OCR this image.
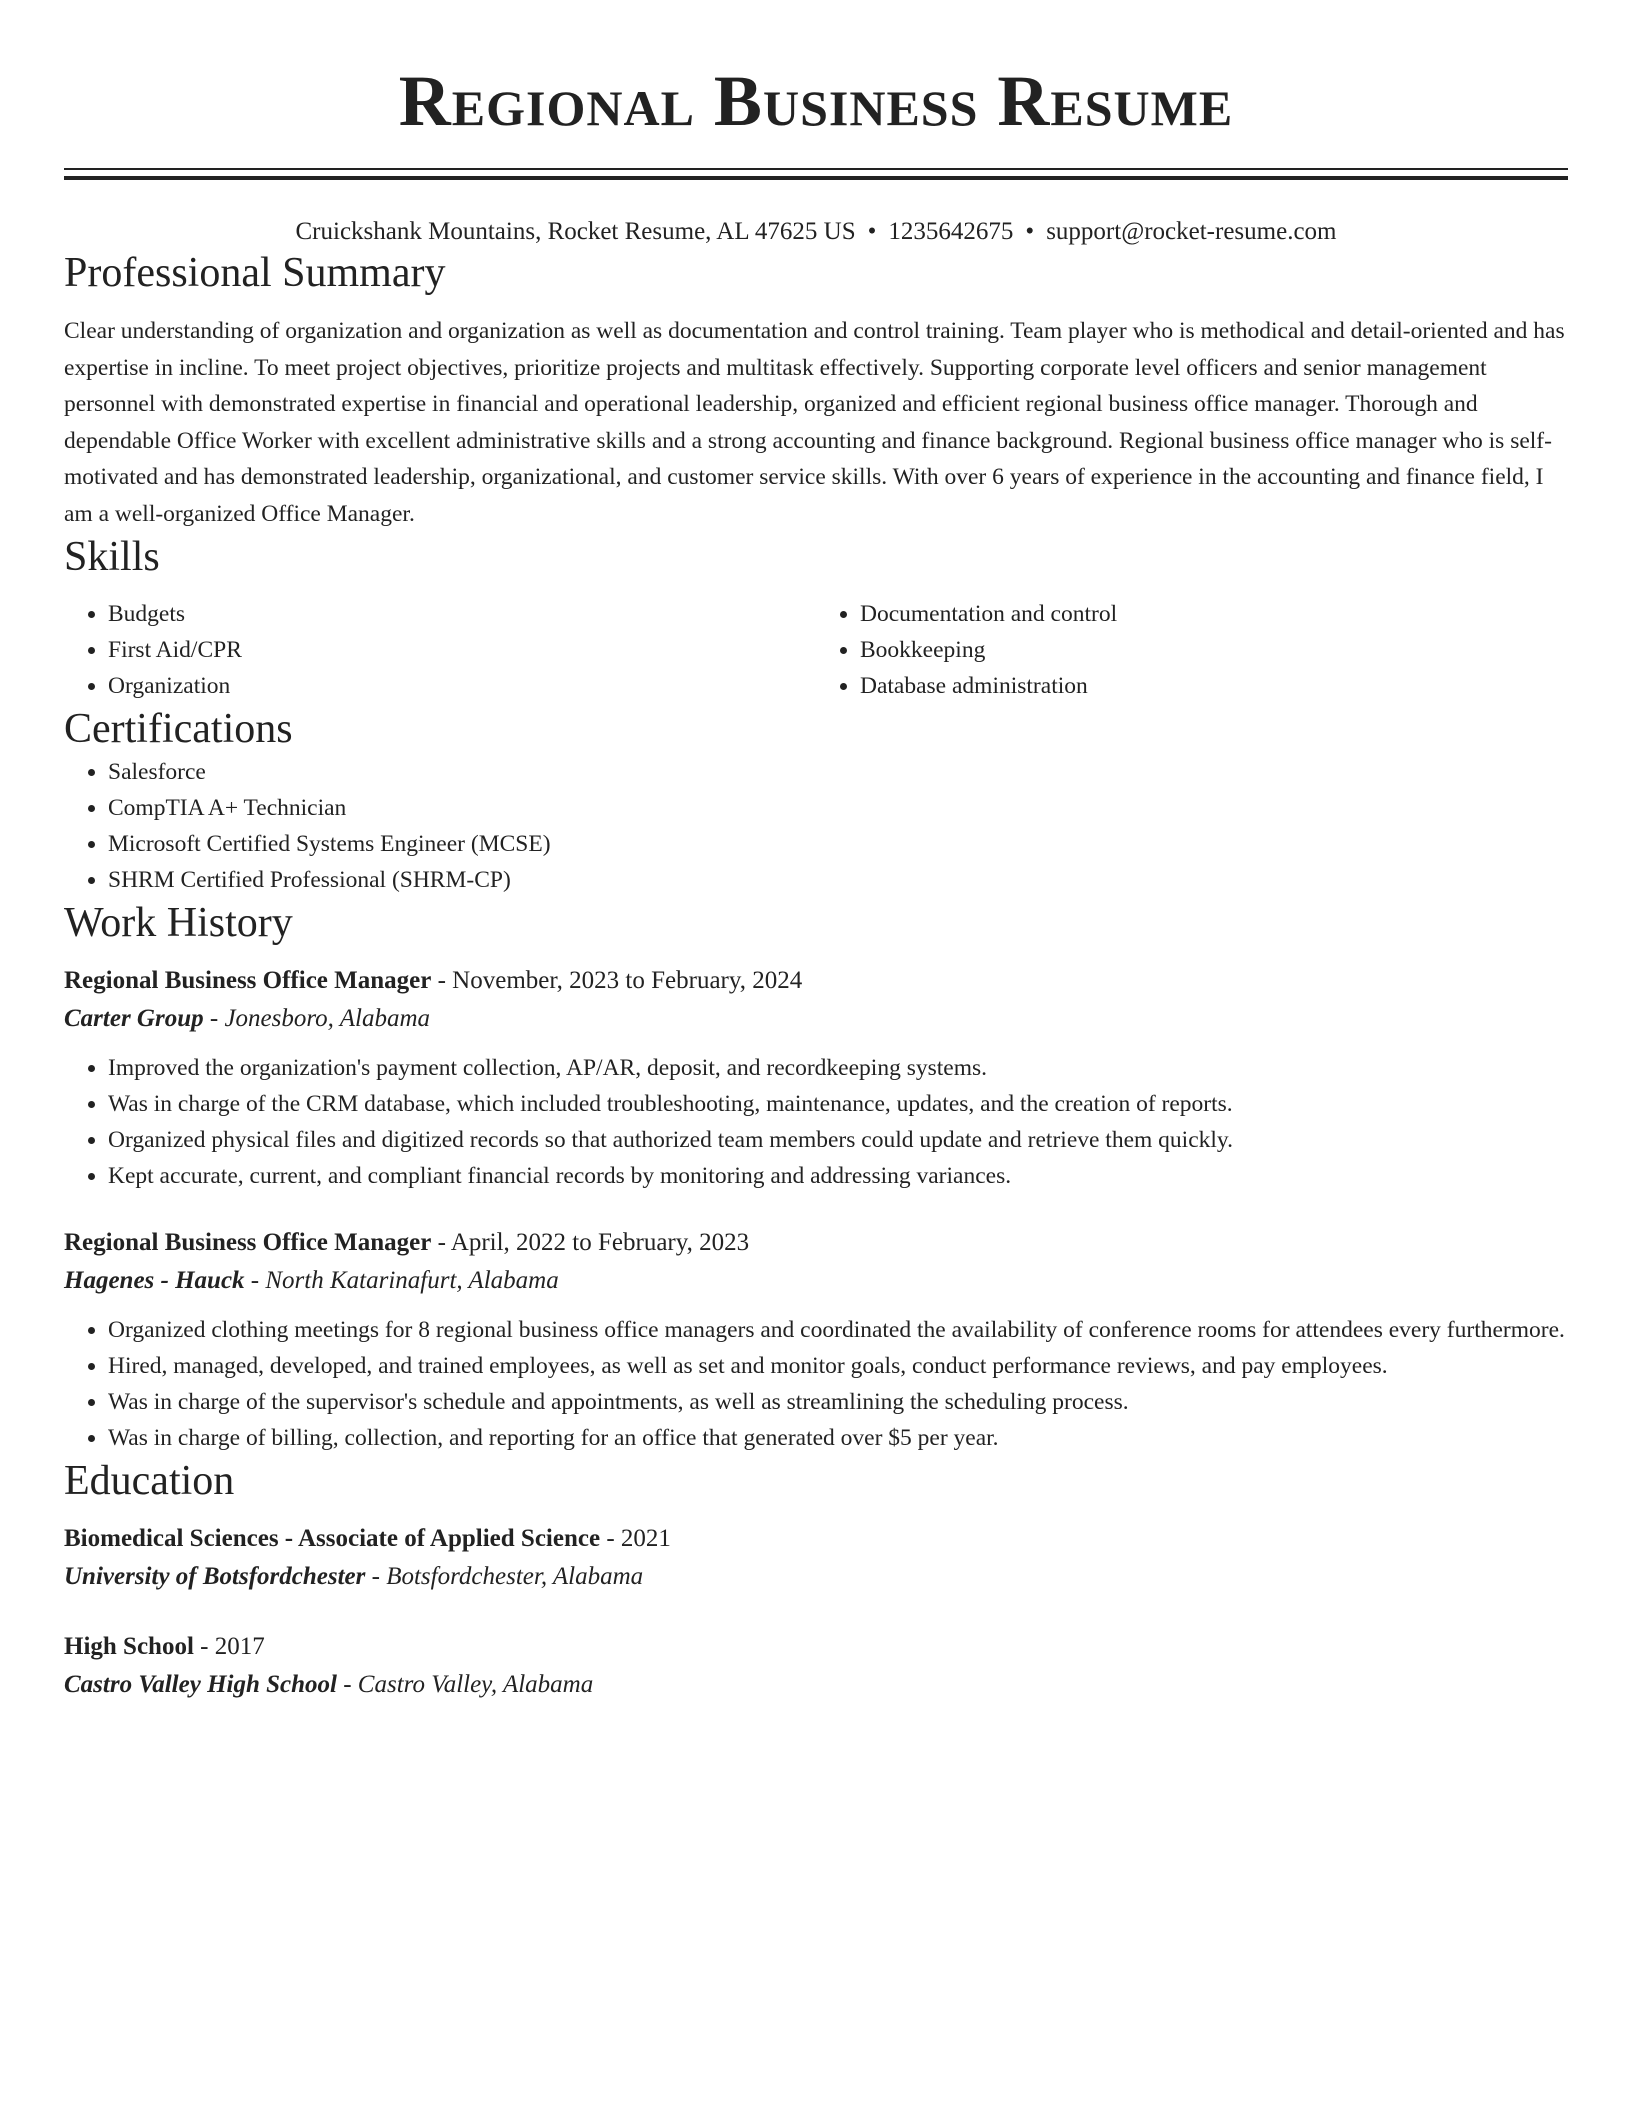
Regional Business Resume
Cruickshank Mountains, Rocket Resume, AL 47625 US • 1235642675 • support@rocket-resume.com
Professional Summary

Clear understanding of organization and organization as well as documentation and control training. Team player who is methodical and detail-oriented and has expertise in incline. To meet project objectives, prioritize projects and multitask effectively. Supporting corporate level officers and senior management personnel with demonstrated expertise in financial and operational leadership, organized and efficient regional business office manager. Thorough and dependable Office Worker with excellent administrative skills and a strong accounting and finance background. Regional business office manager who is self-motivated and has demonstrated leadership, organizational, and customer service skills. With over 6 years of experience in the accounting and finance field, I am a well-organized Office Manager.

Skills
• Budgets
• First Aid/CPR
• Organization
• Documentation and control
• Bookkeeping
• Database administration
Certifications
• Salesforce
• CompTIA A+ Technician
• Microsoft Certified Systems Engineer (MCSE)
• SHRM Certified Professional (SHRM-CP)
Work History
Regional Business Office Manager - November, 2023 to February, 2024
Carter Group - Jonesboro, Alabama
• Improved the organization's payment collection, AP/AR, deposit, and recordkeeping systems.
• Was in charge of the CRM database, which included troubleshooting, maintenance, updates, and the creation of reports.
• Organized physical files and digitized records so that authorized team members could update and retrieve them quickly.
• Kept accurate, current, and compliant financial records by monitoring and addressing variances.
Regional Business Office Manager - April, 2022 to February, 2023
Hagenes - Hauck - North Katarinafurt, Alabama
• Organized clothing meetings for 8 regional business office managers and coordinated the availability of conference rooms for attendees every furthermore.
• Hired, managed, developed, and trained employees, as well as set and monitor goals, conduct performance reviews, and pay employees.
• Was in charge of the supervisor's schedule and appointments, as well as streamlining the scheduling process.
• Was in charge of billing, collection, and reporting for an office that generated over $5 per year.
Education
Biomedical Sciences - Associate of Applied Science - 2021
University of Botsfordchester - Botsfordchester, Alabama
High School - 2017
Castro Valley High School - Castro Valley, Alabama
